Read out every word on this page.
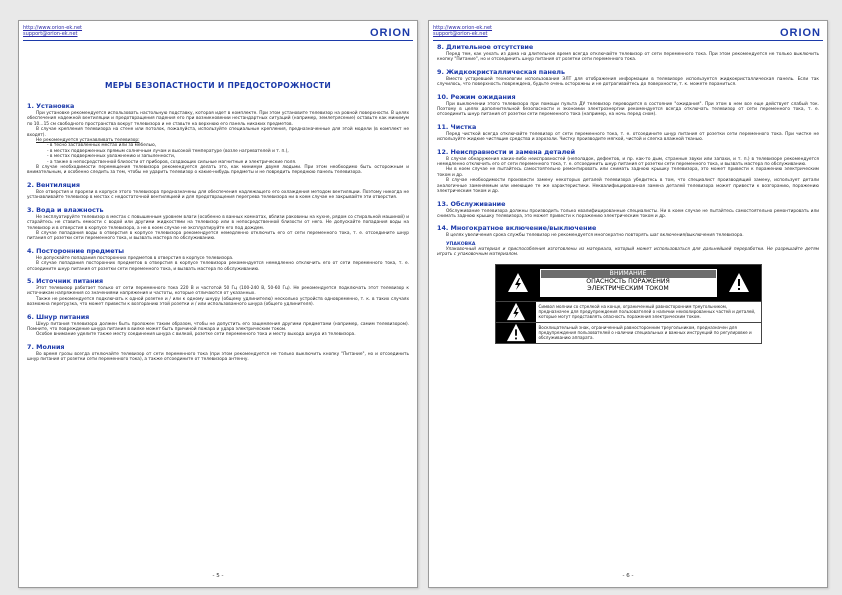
http://www.orion-ek.net
support@orion-ek.net	ORION
МЕРЫ БЕЗОПАСТНОСТИ И ПРЕДОСТОРОЖНОСТИ
1. Установка

При установке рекомендуется использовать настольную подставку, которая идет в комплекте. При этом установите телевизор на ровной поверхности. В целях обеспечения надежной вентиляции и предотвращения падения его при возникновении нестандартных ситуаций (например, землетрясение) оставьте как минимум по 10…15 см свободного пространства вокруг телевизора и не ставьте на верхнюю его панель никаких предметов.

В случае крепления телевизора на стене или потолок, пожалуйста, используйте специальные крепления, предназначенные для этой модели (в комплект не входят).

Не рекомендуется устанавливать телевизор:

- в тесно заставленных местах или за мебелью,
- в местах подверженных прямым солнечным лучам и высокой температуре (возле нагревателей и т. п.),
- в местах подверженных увлажнению и запыленности,
- а также в непосредственной близости от приборов, создающих сильные магнитные и электрические поля.

В случае необходимости перемещения телевизора рекомендуется делать это, как минимум двумя людьми. При этом необходимо быть осторожным и внимательным, и особенно следить за тем, чтобы не ударить телевизор о какие-нибудь предметы и не повредить переднюю панель телевизора.

2. Вентиляция

Все отверстия и прорези в корпусе этого телевизора предназначены для обеспечения надлежащего его охлаждения методом вентиляции. Поэтому никогда не устанавливайте телевизор в местах с недостаточной вентиляцией и для предотвращения перегрева телевизора ни в коем случае не закрывайте эти отверстия.

3. Вода и влажность

Не эксплуатируйте телевизор в местах с повышенным уровнем влаги (особенно в ванных комнатах, вблизи раковины на кухне, рядом со стиральной машиной) и старайтесь не ставить емкости с водой или другими жидкостями на телевизор или в непосредственной близости от него. Не допускайте попадания воды на телевизор и в отверстия в корпусе телевизора, а не в коем случае не эксплуатируйте его под дождем.

В случае попадания воды в отверстия в корпусе телевизора рекомендуется немедленно отключить его от сети переменного тока, т. е. отсоедините шнур питания от розетки сети переменного тока, и вызвать мастера по обслуживанию.

4. Посторонние предметы

Не допускайте попадания посторонних предметов в отверстия в корпусе телевизора.

В случае попадания посторонних предметов в отверстия в корпусе телевизора рекомендуется немедленно отключить его от сети переменного тока, т. е. отсоедините шнур питания от розетки сети переменного тока, и вызвать мастера по обслуживанию.

5. Источник питания

Этот телевизор работает только от сети переменного тока 220 В и частотой 50 Гц (100-240 В, 50-60 Гц). Не рекомендуется подключать этот телевизор к источникам напряжения со значениями напряжения и частоты, которые отличаются от указанных.

Также не рекомендуется подключать к одной розетке и / или к одному шнуру (общему удлинителю) несколько устройств одновременно, т. к. в таких случаях возможна перегрузка, что может привести к возгоранию этой розетки и / или использованного шнура (общего удлинителя).

6. Шнур питания

Шнур питания телевизора должен быть проложен таким образом, чтобы не допустить его защемления другими предметами (например, самим телевизором). Помните, что повреждение шнура питания в вилке может быть причиной пожара и удара электрическим током.

Особое внимание уделите также месту соединения шнура с вилкой, розетке сети переменного тока и месту выхода шнура из телевизора.

7. Молния

Во время грозы всегда отключайте телевизор от сети переменного тока (при этом рекомендуется не только выключить кнопку "Питание", но и отсоединить шнур питания от розетки сети переменного тока), а также отсоедините от телевизора антенну.

- 5 -
http://www.orion-ek.net
support@orion-ek.net	ORION
8. Длительное отсутствие

Перед тем, как уехать из дома на длительное время всегда отключайте телевизор от сети переменного тока. При этом рекомендуется не только выключить кнопку "Питание", но и отсоединить шнур питания от розетки сети переменного тока.

9. Жидкокристаллическая панель

Вместо устаревшей технологии использования ЭЛТ для отображения информации в телевизоре используется жидкокристаллическая панель. Если так случилось, что поверхность повреждена, будьте очень осторожны и не дотрагивайтесь до поверхности, т. к. можете пораниться.

10. Режим ожидания

При выключении этого телевизора при помощи пульта ДУ телевизор переводится в состояние "ожидания". При этом в нем все еще действует слабый ток. Поэтому в целях дополнительной безопасности и экономии электроэнергии рекомендуется всегда отключать телевизор от сети переменного тока, т. е. отсоединить шнур питания от розетки сети переменного тока (например, на ночь перед сном).

11. Чистка

Перед чисткой всегда отключайте телевизор от сети переменного тока, т. е. отсоедините шнур питания от розетки сети переменного тока. При чистке не используйте жидкие чистящие средства и аэрозоли. Чистку производите мягкой, чистой и слегка влажной тканью.

12. Неисправности и замена деталей

В случае обнаружения каких-либо неисправностей (неполадок, дефектов, и пр. как-то дым, странные звуки или запахи, и т. п.) в телевизоре рекомендуется немедленно отключить его от сети переменного тока, т. е. отсоединить шнур питания от розетки сети переменного тока, и вызвать мастера по обслуживанию.

Ни в коем случае не пытайтесь самостоятельно ремонтировать или снимать заднюю крышку телевизора, это может привести к поражению электрическим током и др.

В случае необходимости произвести замену некоторых деталей телевизора убедитесь в том, что специалист производящий замену, использует детали аналогичные заменяемым или имеющие те же характеристики. Неквалифицированная замена деталей телевизора может привести к возгоранию, поражению электрическим током и др.

13. Обслуживание

Обслуживание телевизора должны производить только квалифицированные специалисты. Ни в коем случае не пытайтесь самостоятельно ремонтировать или снимать заднюю крышку телевизора, это может привести к поражению электрическим током и др.

14. Многократное включение/выключение

В целях увеличения срока службы телевизор не рекомендуется многократно повторять шаг включения/выключения телевизора.

УПАКОВКА

Упаковочный материал и приспособления изготовлены из материала, который может использоваться для дальнейшей переработки. Не разрешайте детям играть с упаковочным материалом.

ВНИМАНИЕ
ОПАСНОСТЬ ПОРАЖЕНИЯ
ЭЛЕКТРИЧЕСКИМ ТОКОМ
Символ молнии со стрелкой на конце, ограниченный равносторонним треугольником, предназначен для предупреждения пользователей о наличии неизолированных частей и деталей, которые могут представлять опасность поражения электрическим током.
Восклицательный знак, ограниченный равносторонним треугольником, предназначен для предупреждения пользователей о наличии специальных и важных инструкций по регулировке и обслуживанию аппарата.
- 6 -
